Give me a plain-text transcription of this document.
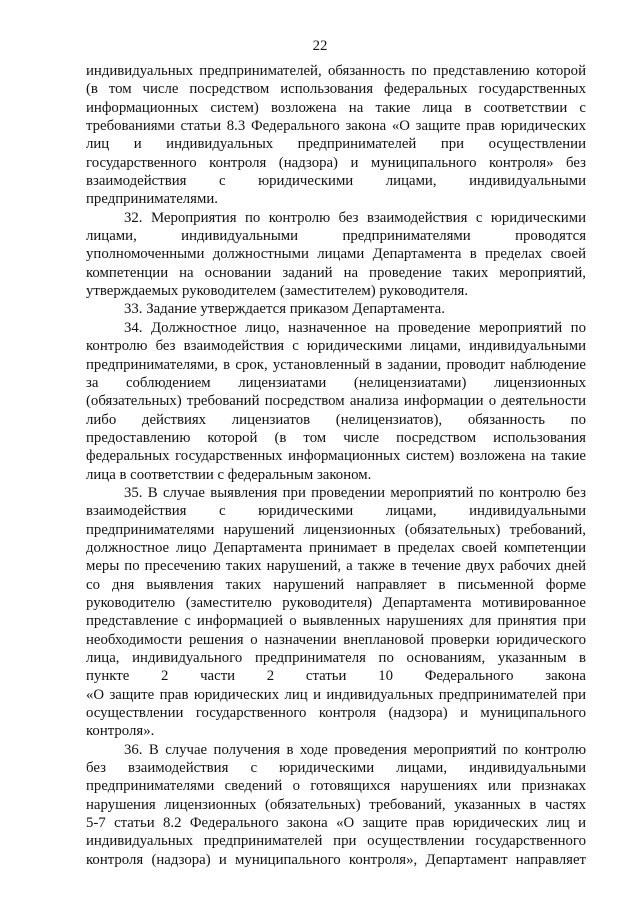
22
индивидуальных предпринимателей, обязанность по представлению которой
(в том числе посредством использования федеральных государственных
информационных систем) возложена на такие лица в соответствии с
требованиями статьи 8.3 Федерального закона «О защите прав юридических
лиц и индивидуальных предпринимателей при осуществлении
государственного контроля (надзора) и муниципального контроля» без
взаимодействия с юридическими лицами, индивидуальными
предпринимателями.
32. Мероприятия по контролю без взаимодействия с юридическими
лицами, индивидуальными предпринимателями проводятся
уполномоченными должностными лицами Департамента в пределах своей
компетенции на основании заданий на проведение таких мероприятий,
утверждаемых руководителем (заместителем) руководителя.
33. Задание утверждается приказом Департамента.
34. Должностное лицо, назначенное на проведение мероприятий по
контролю без взаимодействия с юридическими лицами, индивидуальными
предпринимателями, в срок, установленный в задании, проводит наблюдение
за соблюдением лицензиатами (нелицензиатами) лицензионных
(обязательных) требований посредством анализа информации о деятельности
либо действиях лицензиатов (нелицензиатов), обязанность по
предоставлению которой (в том числе посредством использования
федеральных государственных информационных систем) возложена на такие
лица в соответствии с федеральным законом.
35. В случае выявления при проведении мероприятий по контролю без
взаимодействия с юридическими лицами, индивидуальными
предпринимателями нарушений лицензионных (обязательных) требований,
должностное лицо Департамента принимает в пределах своей компетенции
меры по пресечению таких нарушений, а также в течение двух рабочих дней
со дня выявления таких нарушений направляет в письменной форме
руководителю (заместителю руководителя) Департамента мотивированное
представление с информацией о выявленных нарушениях для принятия при
необходимости решения о назначении внеплановой проверки юридического
лица, индивидуального предпринимателя по основаниям, указанным в
пункте 2 части 2 статьи 10 Федерального закона
«О защите прав юридических лиц и индивидуальных предпринимателей при
осуществлении государственного контроля (надзора) и муниципального
контроля».
36. В случае получения в ходе проведения мероприятий по контролю
без взаимодействия с юридическими лицами, индивидуальными
предпринимателями сведений о готовящихся нарушениях или признаках
нарушения лицензионных (обязательных) требований, указанных в частях
5-7 статьи 8.2 Федерального закона «О защите прав юридических лиц и
индивидуальных предпринимателей при осуществлении государственного
контроля (надзора) и муниципального контроля», Департамент направляет
